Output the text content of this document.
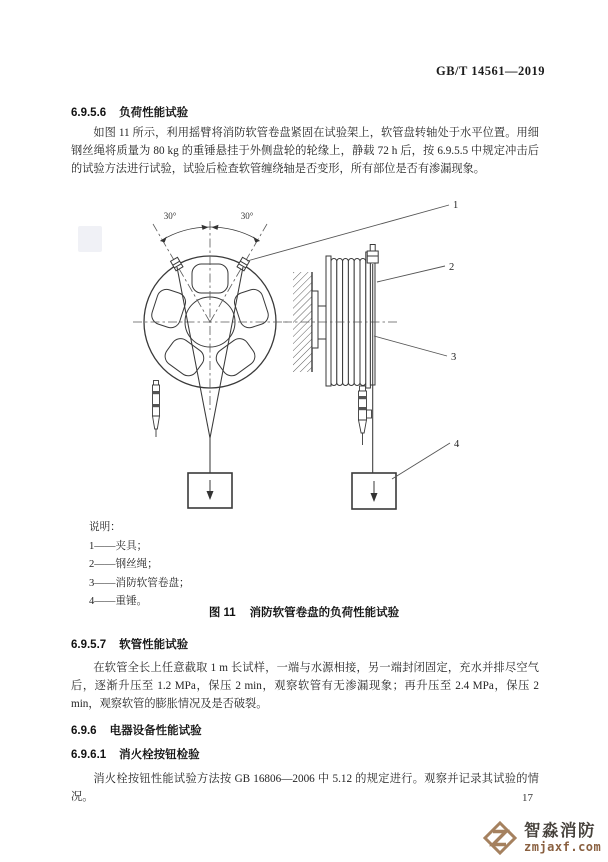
GB/T 14561—2019
6.9.5.6 负荷性能试验

如图 11 所示，利用摇臂将消防软管卷盘紧固在试验架上，软管盘转轴处于水平位置。用细钢丝绳将质量为 80 kg 的重锤悬挂于外侧盘轮的轮缘上，静载 72 h 后，按 6.9.5.5 中规定冲击后的试验方法进行试验，试验后检查软管缠绕轴是否变形，所有部位是否有渗漏现象。

30°	30°
1
2
3
4
说明：
1——夹具；
2——钢丝绳；
3——消防软管卷盘；
4——重锤。
图 11 消防软管卷盘的负荷性能试验
6.9.5.7 软管性能试验

在软管全长上任意截取 1 m 长试样，一端与水源相接，另一端封闭固定，充水并排尽空气后，逐渐升压至 1.2 MPa，保压 2 min，观察软管有无渗漏现象；再升压至 2.4 MPa，保压 2 min，观察软管的膨胀情况及是否破裂。

6.9.6 电器设备性能试验
6.9.6.1 消火栓按钮检验

消火栓按钮性能试验方法按 GB 16806—2006 中 5.12 的规定进行。观察并记录其试验的情况。	17
智淼消防
zmjaxf.com
